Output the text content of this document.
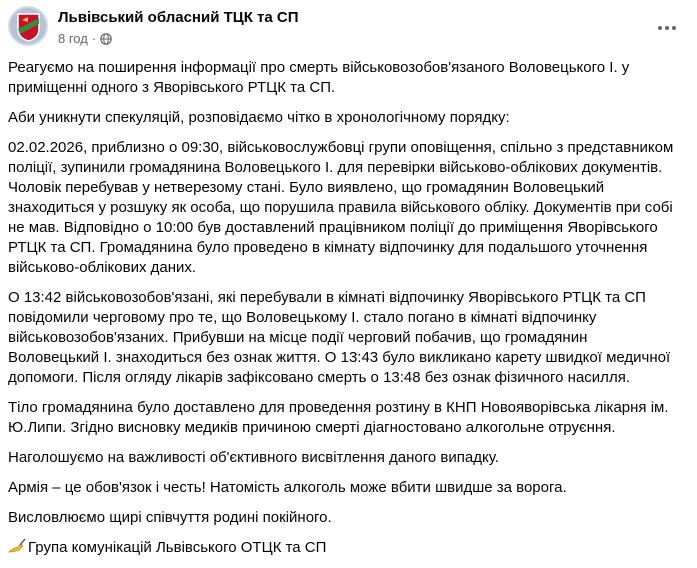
Львівський обласний ТЦК та СП
8 год ·

Реагуємо на поширення інформації про смерть військовозобов'язаного Воловецького І. у
приміщенні одного з Яворівського РТЦК та СП.

Аби уникнути спекуляцій, розповідаємо чітко в хронологічному порядку:

02.02.2026, приблизно о 09:30, військовослужбовці групи оповіщення, спільно з представником
поліції, зупинили громадянина Воловецького І. для перевірки військово-облікових документів.
Чоловік перебував у нетверезому стані. Було виявлено, що громадянин Воловецький
знаходиться у розшуку як особа, що порушила правила військового обліку. Документів при собі
не мав. Відповідно о 10:00 був доставлений працівником поліції до приміщення Яворівського
РТЦК та СП. Громадянина було проведено в кімнату відпочинку для подальшого уточнення
військово-облікових даних.

О 13:42 військовозобов'язані, які перебували в кімнаті відпочинку Яворівського РТЦК та СП
повідомили черговому про те, що Воловецькому І. стало погано в кімнаті відпочинку
військовозобов'язаних. Прибувши на місце події черговий побачив, що громадянин
Воловецький І. знаходиться без ознак життя. О 13:43 було викликано карету швидкої медичної
допомоги. Після огляду лікарів зафіксовано смерть о 13:48 без ознак фізичного насилля.

Тіло громадянина було доставлено для проведення розтину в КНП Новояворівська лікарня ім.
Ю.Липи. Згідно висновку медиків причиною смерті діагностовано алкогольне отруєння.

Наголошуємо на важливості об'єктивного висвітлення даного випадку.

Армія – це обов'язок і честь! Натомість алкоголь може вбити швидше за ворога.

Висловлюємо щирі співчуття родині покійного.

Група комунікацій Львівського ОТЦК та СП
